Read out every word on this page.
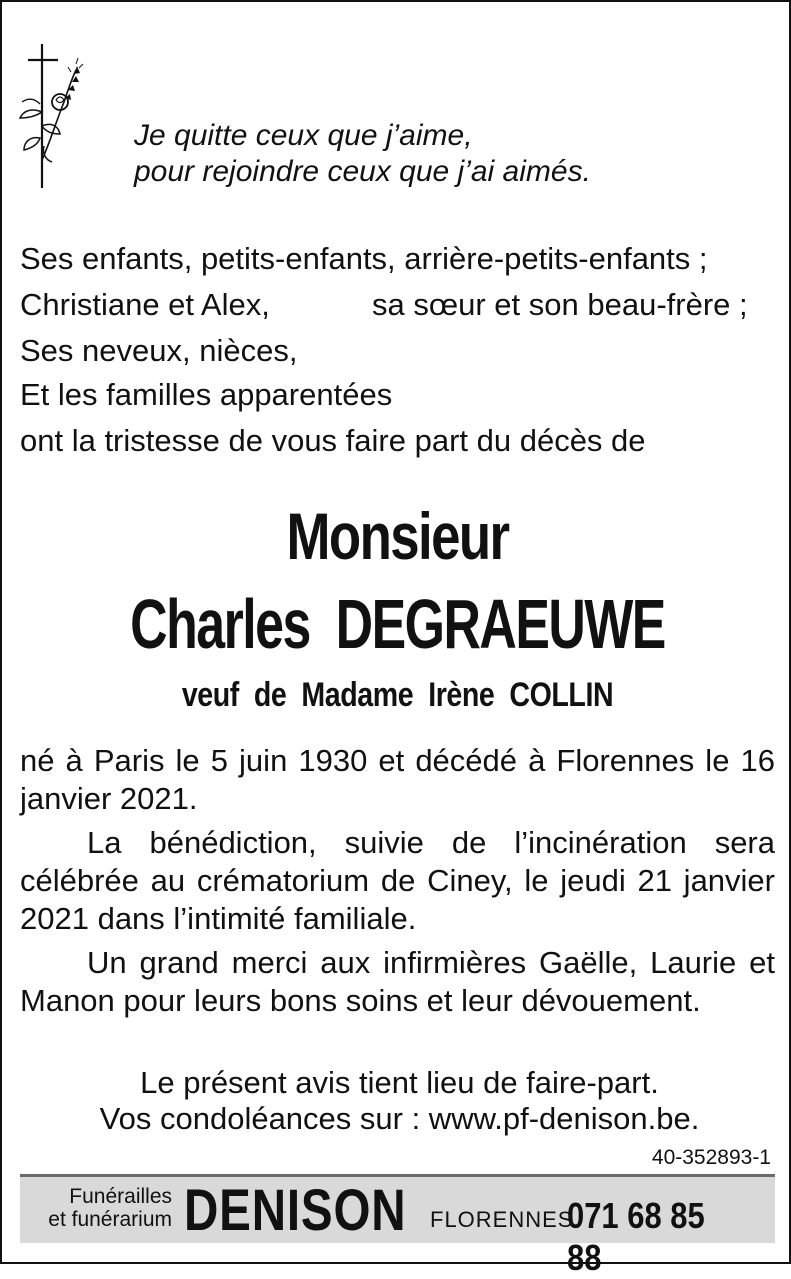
Je quitte ceux que j’aime,
pour rejoindre ceux que j’ai aimés.
Ses enfants, petits-enfants, arrière-petits-enfants ;
Christiane et Alex,	sa sœur et son beau-frère ;
Ses neveux, nièces,
Et les familles apparentées
ont la tristesse de vous faire part du décès de
Monsieur
Charles  DEGRAEUWE
veuf  de  Madame  Irène  COLLIN
né à Paris le 5 juin 1930 et décédé à Florennes le 16 janvier 2021.
La bénédiction, suivie de l’incinération sera célébrée au crématorium de Ciney, le jeudi 21 janvier 2021 dans l’intimité familiale.
Un grand merci aux infirmières Gaëlle, Laurie et Manon pour leurs bons soins et leur dévouement.
Le présent avis tient lieu de faire-part.
Vos condoléances sur : www.pf-denison.be.
40-352893-1
Funérailles
et funérarium DENISON FLORENNES
071 68 85 88
